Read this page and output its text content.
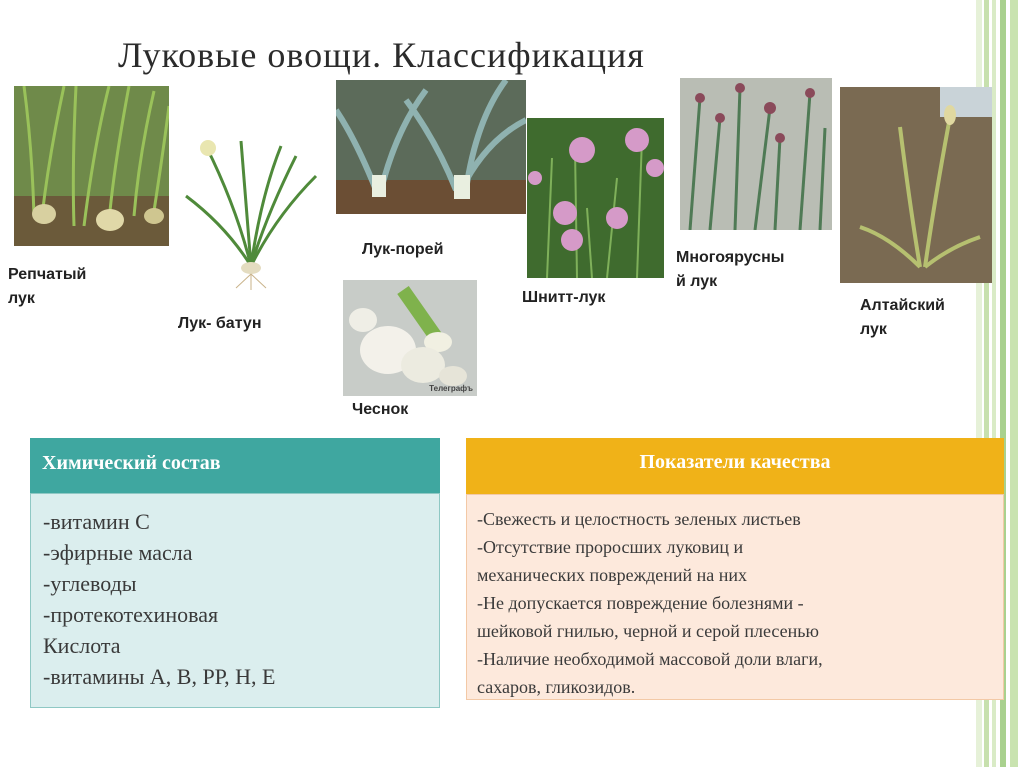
Луковые овощи. Классификация
Телеграфъ
Репчатый
лук
Лук- батун
Лук-порей
Чеснок
Шнитт-лук
Многоярусны
й лук
Алтайский
лук
Химический состав
-витамин С
-эфирные масла
-углеводы
-протекотехиновая
Кислота
-витамины А, В, РР, Н, Е
Показатели качества
-Свежесть и целостность зеленых листьев
-Отсутствие проросших луковиц и
механических повреждений на них
-Не допускается повреждение болезнями -
шейковой гнилью, черной и серой плесенью
-Наличие необходимой массовой доли влаги,
сахаров, гликозидов.
